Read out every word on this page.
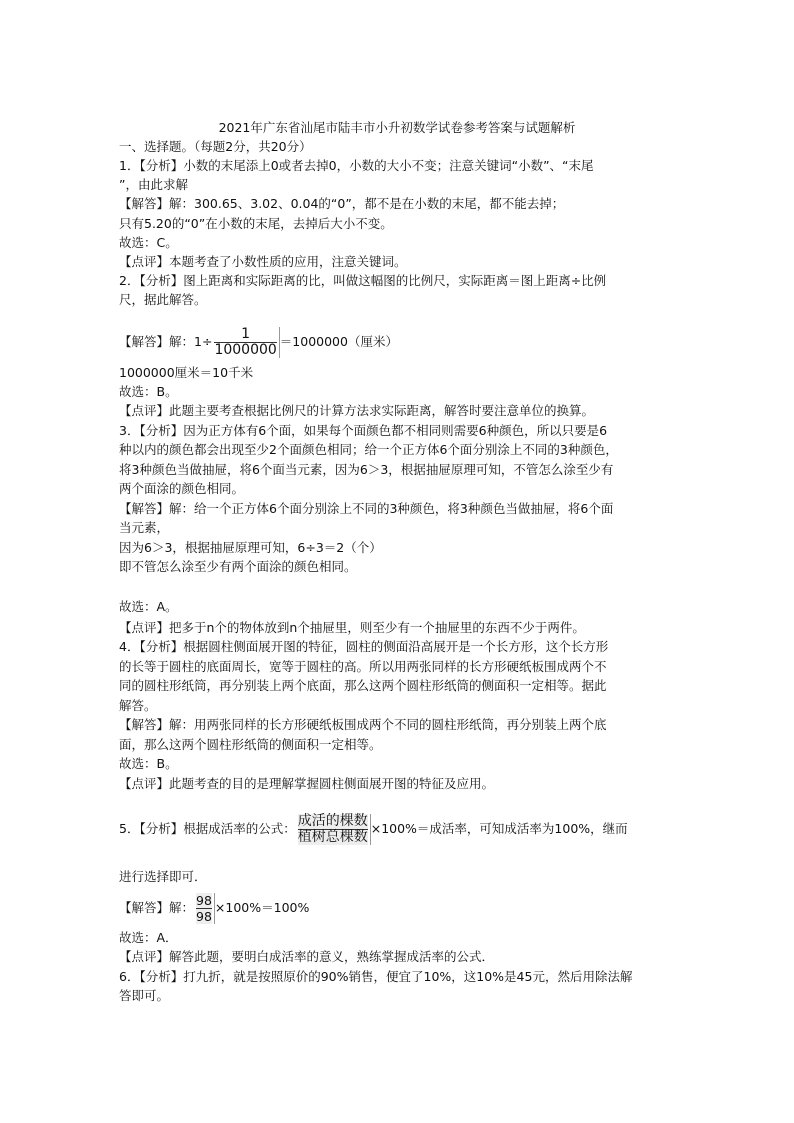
2021年广东省汕尾市陆丰市小升初数学试卷参考答案与试题解析
一、选择题。（每题2分，共20分）
1．【分析】小数的末尾添上0或者去掉0，小数的大小不变；注意关键词“小数”、“末尾
”，由此求解
【解答】解：300.65、3.02、0.04的“0”，都不是在小数的末尾，都不能去掉；
只有5.20的“0”在小数的末尾，去掉后大小不变。
故选：C。
【点评】本题考查了小数性质的应用，注意关键词。
2．【分析】图上距离和实际距离的比，叫做这幅图的比例尺，实际距离＝图上距离÷比例
尺，据此解答。
【解答】解：$1\div \frac{1}{1000000} =1000000$（厘米）
1000000厘米＝10千米
故选：B。
【点评】此题主要考查根据比例尺的计算方法求实际距离，解答时要注意单位的换算。
3．【分析】因为正方体有6个面，如果每个面颜色都不相同则需要6种颜色，所以只要是6
种以内的颜色都会出现至少2个面颜色相同；给一个正方体6个面分别涂上不同的3种颜色，
将3种颜色当做抽屉，将6个面当元素，因为6＞3，根据抽屉原理可知，不管怎么涂至少有
两个面涂的颜色相同。
【解答】解：给一个正方体6个面分别涂上不同的3种颜色，将3种颜色当做抽屉，将6个面
当元素，
因为6＞3，根据抽屉原理可知，6÷3＝2（个）
即不管怎么涂至少有两个面涂的颜色相同。
故选：A。
【点评】把多于n个的物体放到n个抽屉里，则至少有一个抽屉里的东西不少于两件。
4．【分析】根据圆柱侧面展开图的特征，圆柱的侧面沿高展开是一个长方形，这个长方形
的长等于圆柱的底面周长，宽等于圆柱的高。所以用两张同样的长方形硬纸板围成两个不
同的圆柱形纸筒，再分别装上两个底面，那么这两个圆柱形纸筒的侧面积一定相等。据此
解答。
【解答】解：用两张同样的长方形硬纸板围成两个不同的圆柱形纸筒，再分别装上两个底
面，那么这两个圆柱形纸筒的侧面积一定相等。
故选：B。
【点评】此题考查的目的是理解掌握圆柱侧面展开图的特征及应用。
5．【分析】根据成活率的公式： $\frac{\text{成活的棵数}}{\text{植树总棵数}} \times 100\%=$成活率，可知成活率为100%，继而
进行选择即可．
【解答】解： $\frac{98}{98} \times 100\%=100\%$
故选：A．
【点评】解答此题，要明白成活率的意义，熟练掌握成活率的公式．
6．【分析】打九折，就是按照原价的90%销售，便宜了10%，这10%是45元，然后用除法解
答即可。
